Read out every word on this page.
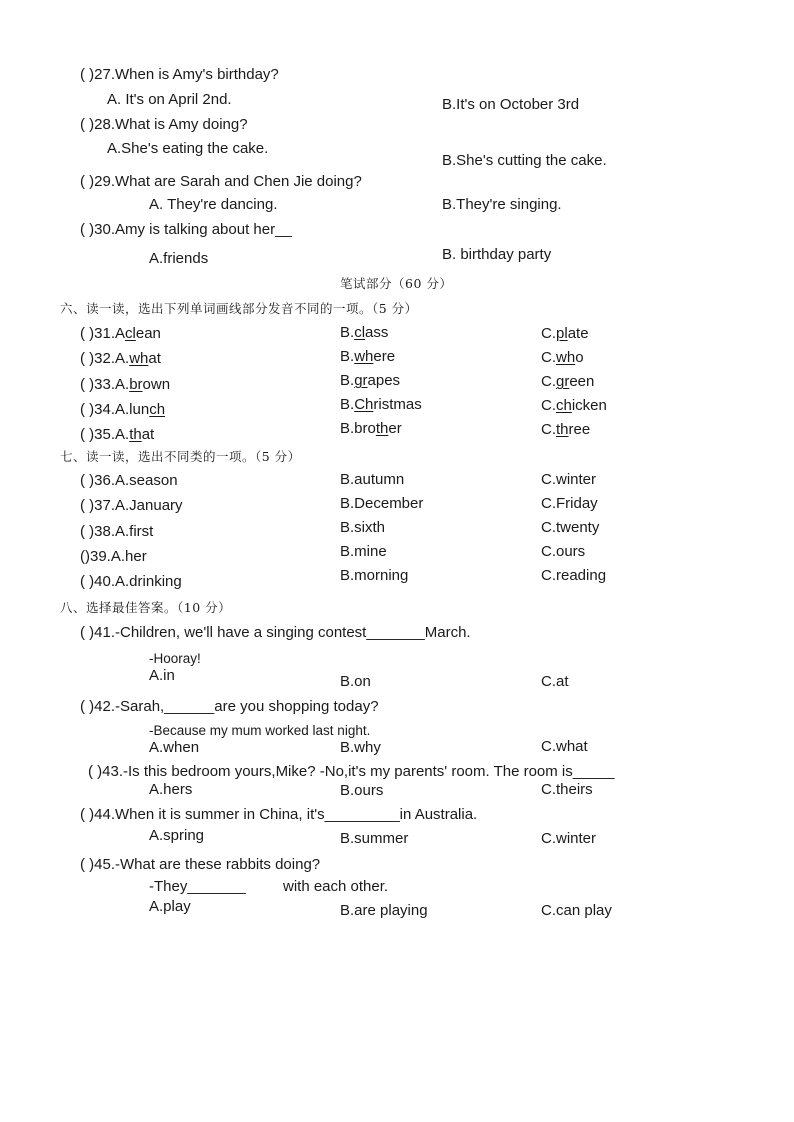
( )27.When is Amy's birthday?
A. It's on April 2nd.	B.It's on October 3rd
( )28.What is Amy doing?
A.She's eating the cake.
B.She's cutting the cake.
( )29.What are Sarah and Chen Jie doing?
A. They're dancing.	B.They're singing.
( )30.Amy is talking about her__
A.friends	B. birthday party
笔试部分（60 分）
六、读一读，选出下列单词画线部分发音不同的一项。（5 分）
( )31.Aclean	B.class	C.plate
( )32.A.what	B.where	C.who
( )33.A.brown	B.grapes	C.green
( )34.A.lunch	B.Christmas	C.chicken
( )35.A.that	B.brother	C.three
七、读一读，选出不同类的一项。（5 分）
( )36.A.season	B.autumn	C.winter
( )37.A.January	B.December	C.Friday
( )38.A.first	B.sixth	C.twenty
()39.A.her	B.mine	C.ours
( )40.A.drinking	B.morning	C.reading
八、选择最佳答案。（10 分）
( )41.-Children, we'll have a singing contest_______March.
-Hooray!
A.in	B.on	C.at
( )42.-Sarah,______are you shopping today?
-Because my mum worked last night.
A.when	B.why	C.what
( )43.-Is this bedroom yours,Mike? -No,it's my parents' room. The room is_____
A.hers	B.ours	C.theirs
( )44.When it is summer in China, it's_________in Australia.
A.spring	B.summer	C.winter
( )45.-What are these rabbits doing?
-They_______ with each other.
A.play	B.are playing	C.can play
